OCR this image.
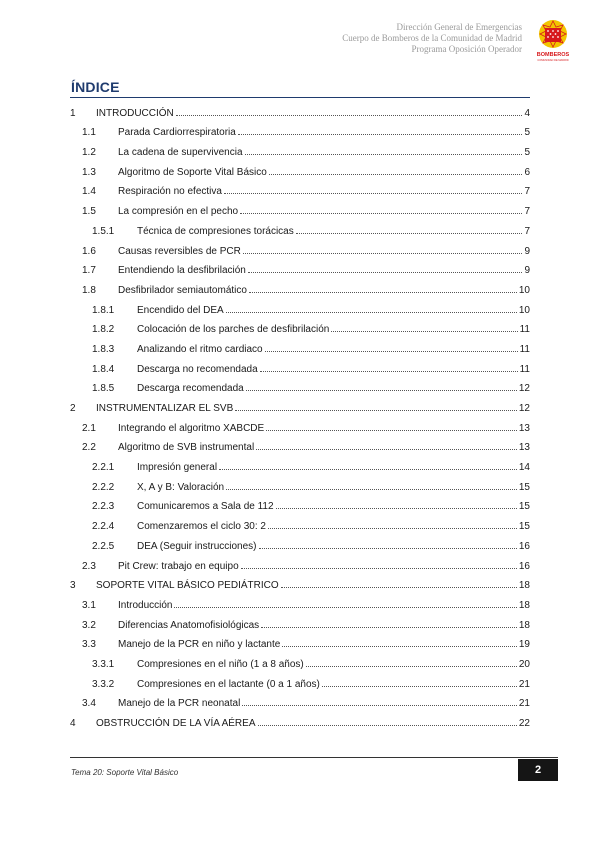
Dirección General de Emergencias
Cuerpo de Bomberos de la Comunidad de Madrid
Programa Oposición Operador
BOMBEROS
COMUNIDAD DE MADRID
ÍNDICE
1	INTRODUCCIÓN	4
1.1	Parada Cardiorrespiratoria	5
1.2	La cadena de supervivencia	5
1.3	Algoritmo de Soporte Vital Básico	6
1.4	Respiración no efectiva	7
1.5	La compresión en el pecho	7
1.5.1	Técnica de compresiones torácicas	7
1.6	Causas reversibles de PCR	9
1.7	Entendiendo la desfibrilación	9
1.8	Desfibrilador semiautomático	10
1.8.1	Encendido del DEA	10
1.8.2	Colocación de los parches de desfibrilación	11
1.8.3	Analizando el ritmo cardiaco	11
1.8.4	Descarga no recomendada	11
1.8.5	Descarga recomendada	12
2	INSTRUMENTALIZAR EL SVB	12
2.1	Integrando el algoritmo XABCDE	13
2.2	Algoritmo de SVB instrumental	13
2.2.1	Impresión general	14
2.2.2	X, A y B: Valoración	15
2.2.3	Comunicaremos a Sala de 112	15
2.2.4	Comenzaremos el ciclo 30: 2	15
2.2.5	DEA (Seguir instrucciones)	16
2.3	Pit Crew: trabajo en equipo	16
3	SOPORTE VITAL BÁSICO PEDIÁTRICO	18
3.1	Introducción	18
3.2	Diferencias Anatomofisiológicas	18
3.3	Manejo de la PCR en niño y lactante	19
3.3.1	Compresiones en el niño (1 a 8 años)	20
3.3.2	Compresiones en el lactante (0 a 1 años)	21
3.4	Manejo de la PCR neonatal	21
4	OBSTRUCCIÓN DE LA VÍA AÉREA	22
Tema 20: Soporte Vital Básico	2
